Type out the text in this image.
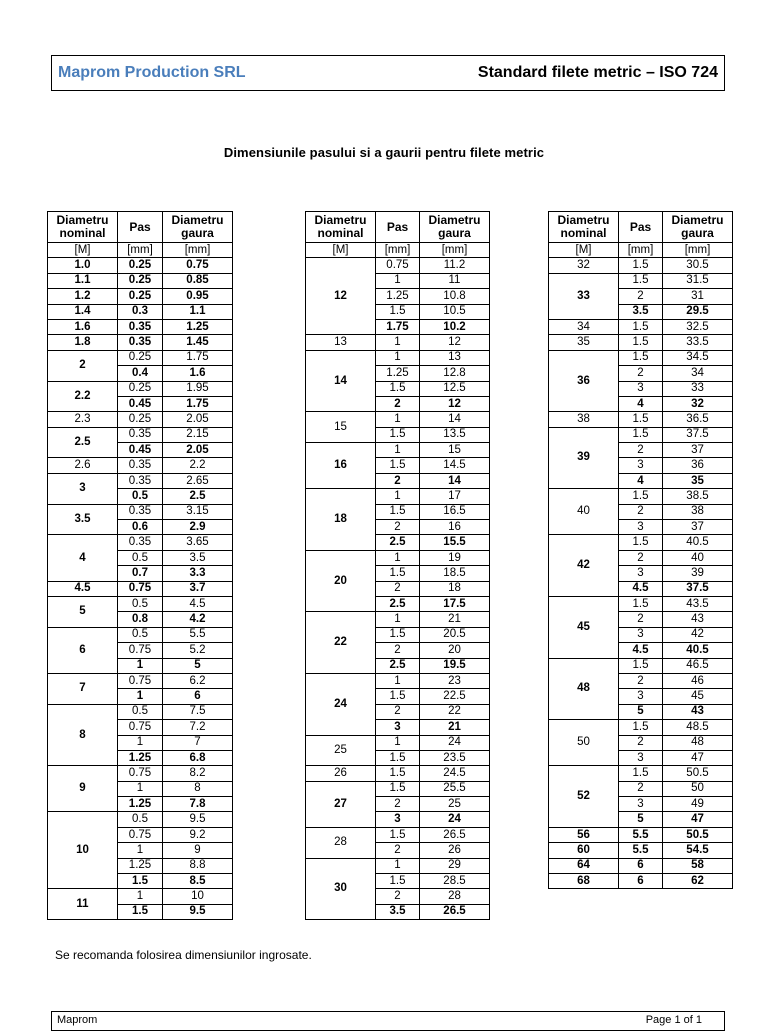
Maprom Production SRL	Standard filete metric – ISO 724
Dimensiunile pasului si a gaurii pentru filete metric
Diametru nominal	Pas	Diametru gaura
[M]	[mm]	[mm]
1.0	0.25	0.75
1.1	0.25	0.85
1.2	0.25	0.95
1.4	0.3	1.1
1.6	0.35	1.25
1.8	0.35	1.45
2	0.25	1.75
	0.4	1.6
2.2	0.25	1.95
	0.45	1.75
2.3	0.25	2.05
2.5	0.35	2.15
	0.45	2.05
2.6	0.35	2.2
3	0.35	2.65
	0.5	2.5
3.5	0.35	3.15
	0.6	2.9
4	0.35	3.65
	0.5	3.5
	0.7	3.3
4.5	0.75	3.7
5	0.5	4.5
	0.8	4.2
6	0.5	5.5
	0.75	5.2
	1	5
7	0.75	6.2
	1	6
8	0.5	7.5
	0.75	7.2
	1	7
	1.25	6.8
9	0.75	8.2
	1	8
	1.25	7.8
10	0.5	9.5
	0.75	9.2
	1	9
	1.25	8.8
	1.5	8.5
11	1	10
	1.5	9.5
Diametru nominal	Pas	Diametru gaura
[M]	[mm]	[mm]
12	0.75	11.2
	1	11
	1.25	10.8
	1.5	10.5
	1.75	10.2
13	1	12
14	1	13
	1.25	12.8
	1.5	12.5
	2	12
15	1	14
	1.5	13.5
16	1	15
	1.5	14.5
	2	14
18	1	17
	1.5	16.5
	2	16
	2.5	15.5
20	1	19
	1.5	18.5
	2	18
	2.5	17.5
22	1	21
	1.5	20.5
	2	20
	2.5	19.5
24	1	23
	1.5	22.5
	2	22
	3	21
25	1	24
	1.5	23.5
26	1.5	24.5
27	1.5	25.5
	2	25
	3	24
28	1.5	26.5
	2	26
30	1	29
	1.5	28.5
	2	28
	3.5	26.5
Diametru nominal	Pas	Diametru gaura
[M]	[mm]	[mm]
32	1.5	30.5
33	1.5	31.5
	2	31
	3.5	29.5
34	1.5	32.5
35	1.5	33.5
36	1.5	34.5
	2	34
	3	33
	4	32
38	1.5	36.5
39	1.5	37.5
	2	37
	3	36
	4	35
40	1.5	38.5
	2	38
	3	37
42	1.5	40.5
	2	40
	3	39
	4.5	37.5
45	1.5	43.5
	2	43
	3	42
	4.5	40.5
48	1.5	46.5
	2	46
	3	45
	5	43
50	1.5	48.5
	2	48
	3	47
52	1.5	50.5
	2	50
	3	49
	5	47
56	5.5	50.5
60	5.5	54.5
64	6	58
68	6	62
Se recomanda folosirea dimensiunilor ingrosate.
Maprom	Page 1 of 1
